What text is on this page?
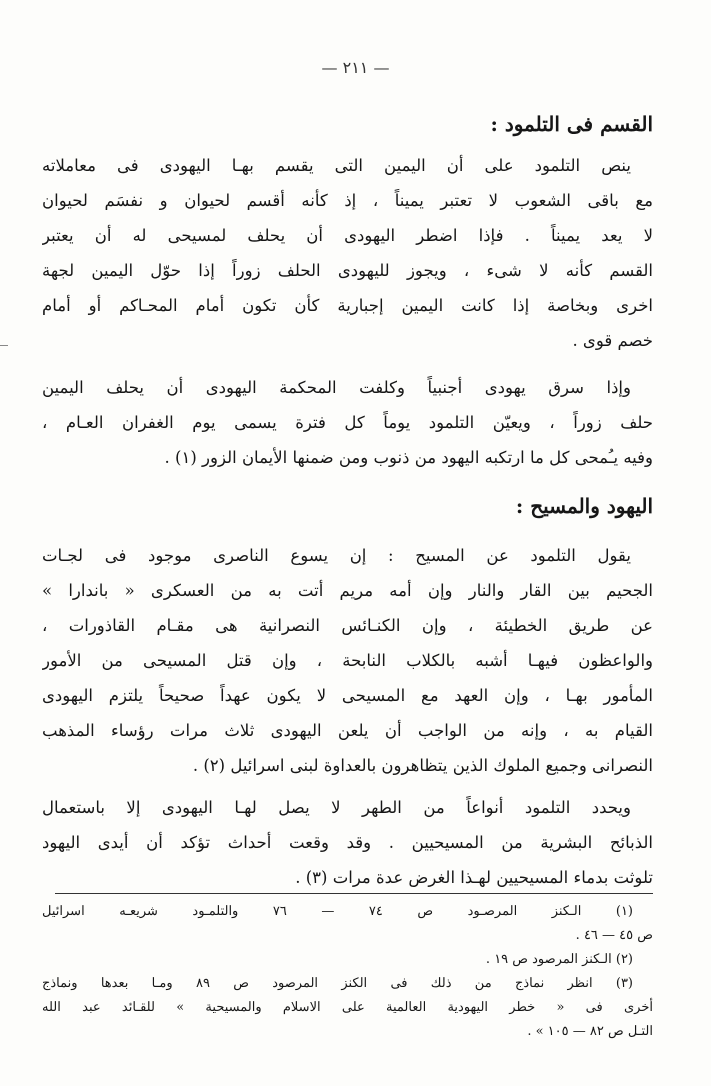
— ٢١١ —
القسم فى التلمود :
ينص التلمود على أن اليمين التى يقسم بهـا اليهودى فى معاملاته
مع باقى الشعوب لا تعتبر يميناً ، إذ كأنه أقسم لحيوان و نفسَم لحيوان
لا يعد يميناً . فإذا اضطر اليهودى أن يحلف لمسيحى له أن يعتبر
القسم كأنه لا شىء ، ويجوز لليهودى الحلف زوراً إذا حوّل اليمين لجهة
اخرى وبخاصة إذا كانت اليمين إجبارية كأن تكون أمام المحـاكم أو أمام
خصم قوى .
وإذا سرق يهودى أجنبياً وكلفت المحكمة اليهودى أن يحلف اليمين
حلف زوراً ، ويعيّن التلمود يوماً كل فترة يسمى يوم الغفران العـام ،
وفيه يـُمحى كل ما ارتكبه اليهود من ذنوب ومن ضمنها الأيمان الزور (١) .
اليهود والمسيح :
يقول التلمود عن المسيح : إن يسوع الناصرى موجود فى لجـات
الجحيم بين القار والنار وإن أمه مريم أتت به من العسكرى « باندارا »
عن طريق الخطيئة ، وإن الكنـائس النصرانية هى مقـام القاذورات ،
والواعظون فيهـا أشبه بالكلاب النابحة ، وإن قتل المسيحى من الأمور
المأمور بهـا ، وإن العهد مع المسيحى لا يكون عهداً صحيحاً يلتزم اليهودى
القيام به ، وإنه من الواجب أن يلعن اليهودى ثلاث مرات رؤساء المذهب
النصرانى وجميع الملوك الذين يتظاهرون بالعداوة لبنى اسرائيل (٢) .
ويحدد التلمود أنواعاً من الطهر لا يصل لهـا اليهودى إلا باستعمال
الذبائح البشرية من المسيحيين . وقد وقعت أحداث تؤكد أن أيدى اليهود
تلوثت بدماء المسيحيين لهـذا الغرض عدة مرات (٣) .
(١) الـكنز المرصـود ص ٧٤ — ٧٦ والتلمـود شريعـه اسرائيل
ص ٤٥ — ٤٦ .
(٢) الـكنز المرصود ص ١٩ .
(٣) انظر نماذج من ذلك فى الكنز المرصود ص ٨٩ ومـا بعدها ونماذج
أخرى فى « خطر اليهودية العالمية على الاسلام والمسيحية » للقـائد عبد الله
التـل ص ٨٢ — ١٠٥ » .
